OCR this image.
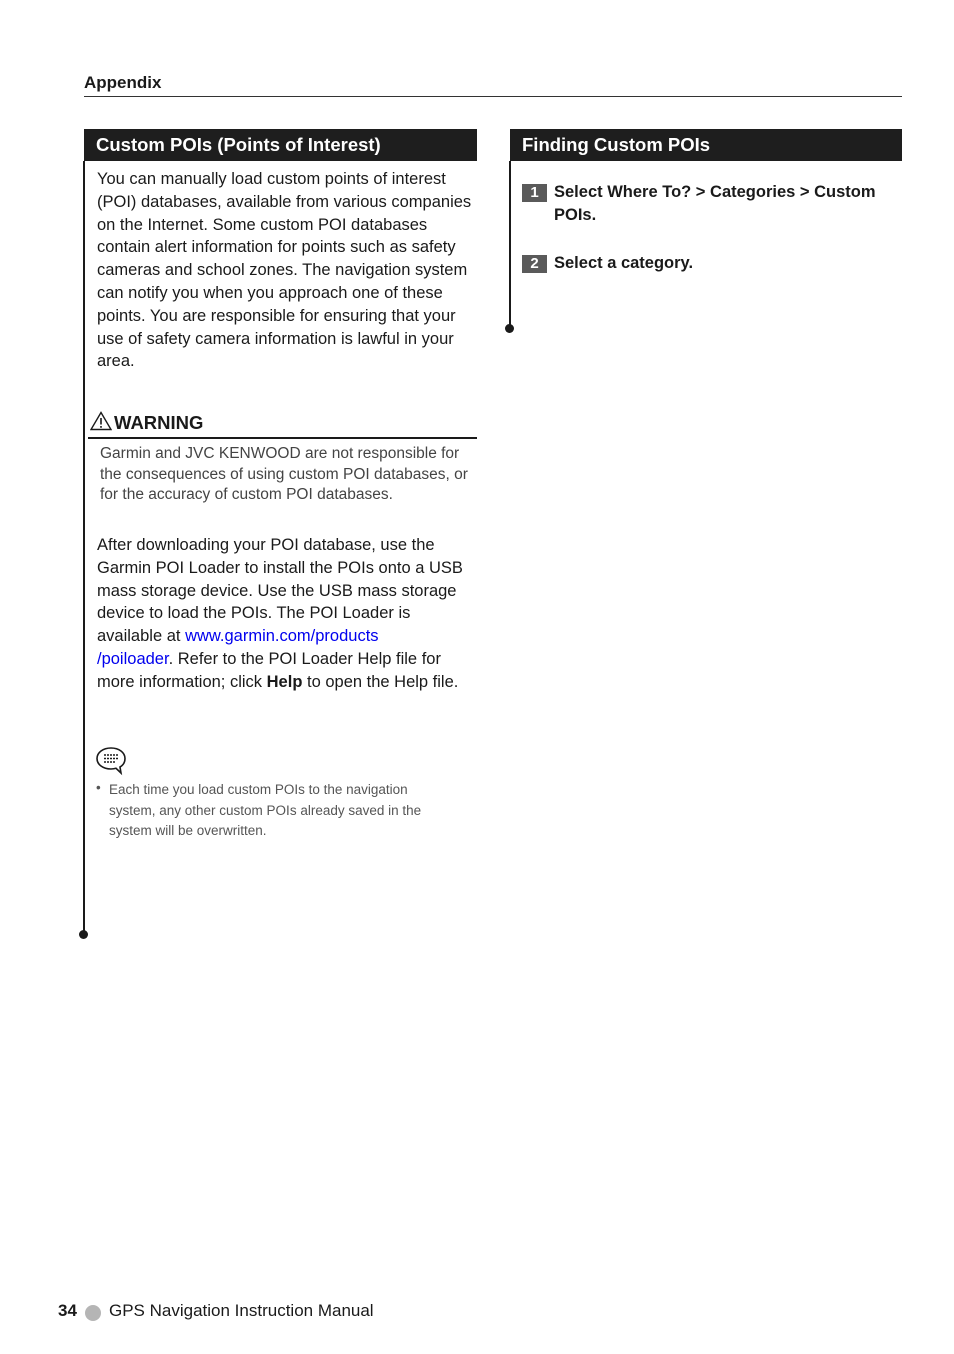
Appendix
Custom POIs (Points of Interest)
You can manually load custom points of interest (POI) databases, available from various companies on the Internet. Some custom POI databases contain alert information for points such as safety cameras and school zones. The navigation system can notify you when you approach one of these points. You are responsible for ensuring that your use of safety camera information is lawful in your area.
WARNING
Garmin and JVC KENWOOD are not responsible for the consequences of using custom POI databases, or for the accuracy of custom POI databases.
After downloading your POI database, use the Garmin POI Loader to install the POIs onto a USB mass storage device. Use the USB mass storage device to load the POIs. The POI Loader is available at www.garmin.com/products
/poiloader. Refer to the POI Loader Help file for more information; click Help to open the Help file.
• Each time you load custom POIs to the navigation system, any other custom POIs already saved in the system will be overwritten.
Finding Custom POIs
1 Select Where To? > Categories > Custom POIs.
2 Select a category.
34 GPS Navigation Instruction Manual
